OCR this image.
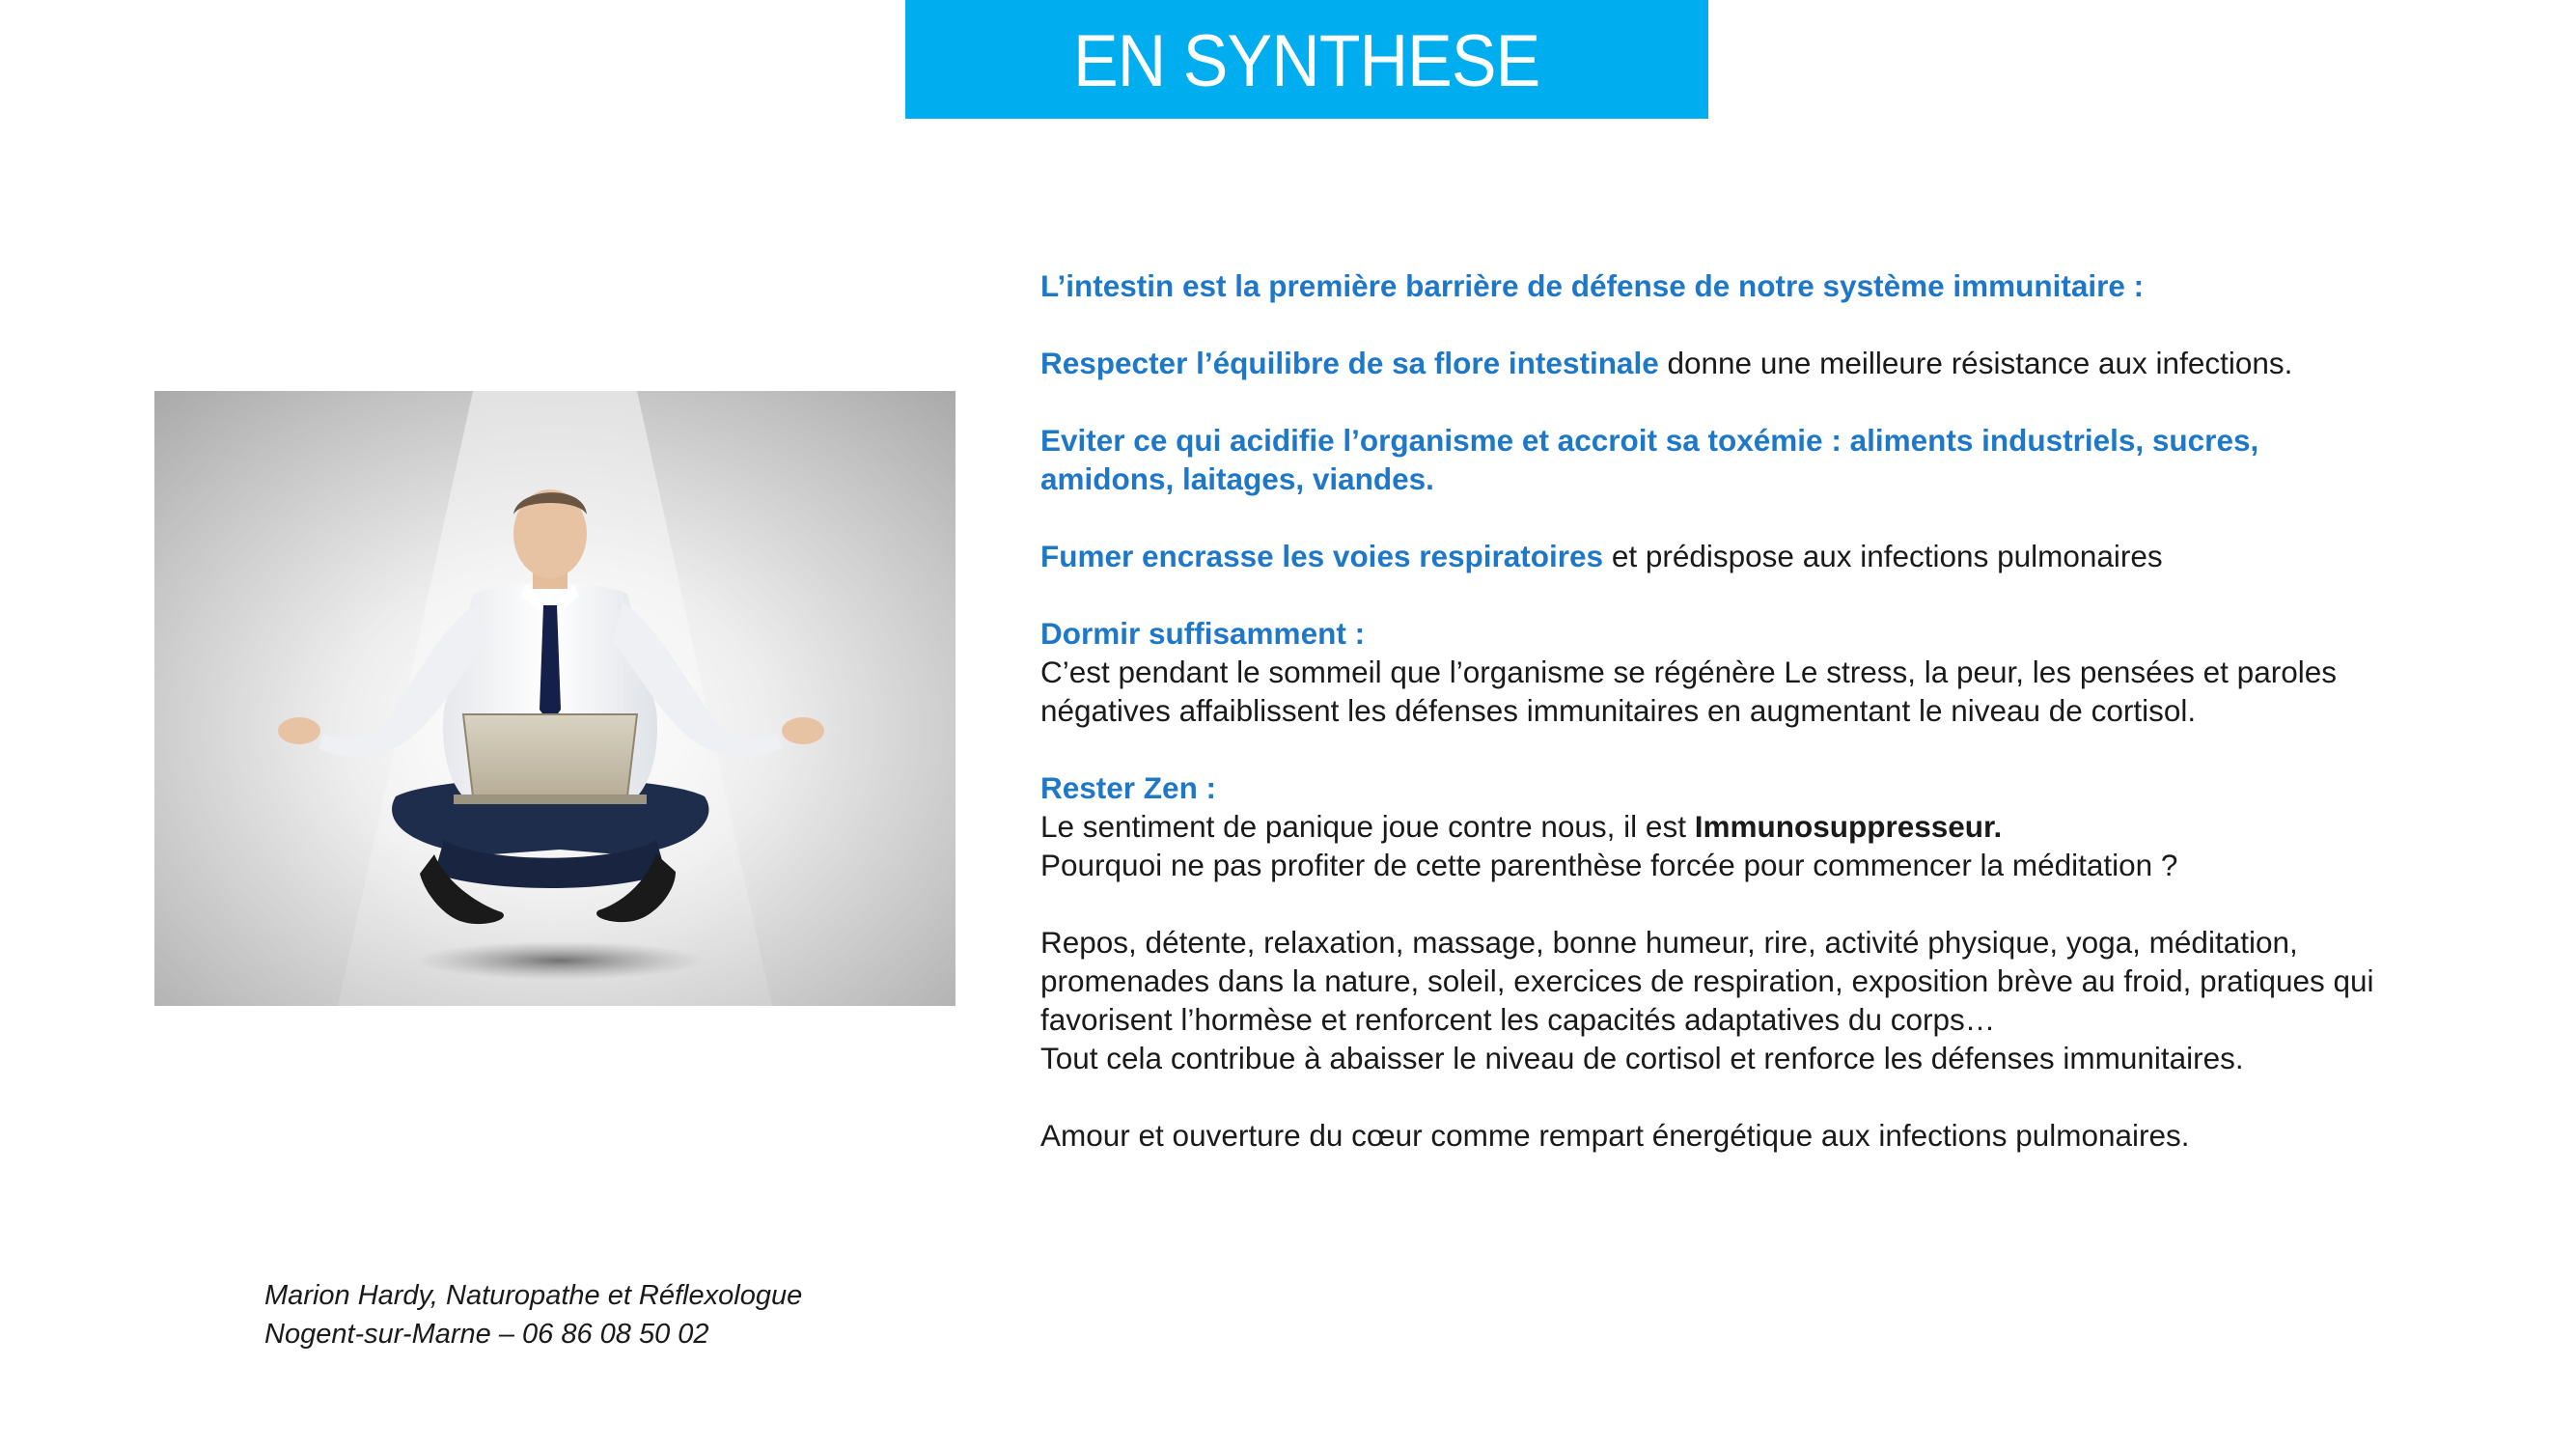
EN SYNTHESE

L’intestin est la première barrière de défense de notre système immunitaire :

Respecter l’équilibre de sa flore intestinale donne une meilleure résistance aux infections.

Eviter ce qui acidifie l’organisme et accroit sa toxémie : aliments industriels, sucres, amidons, laitages, viandes.

Fumer encrasse les voies respiratoires et prédispose aux infections pulmonaires

Dormir suffisamment :
C’est pendant le sommeil que l’organisme se régénère Le stress, la peur, les pensées et paroles négatives affaiblissent les défenses immunitaires en augmentant le niveau de cortisol.

Rester Zen :
Le sentiment de panique joue contre nous, il est Immunosuppresseur.
Pourquoi ne pas profiter de cette parenthèse forcée pour commencer la méditation ?

Repos, détente, relaxation, massage, bonne humeur, rire, activité physique, yoga, méditation, promenades dans la nature, soleil, exercices de respiration, exposition brève au froid, pratiques qui favorisent l’hormèse et renforcent les capacités adaptatives du corps…
Tout cela contribue à abaisser le niveau de cortisol et renforce les défenses immunitaires.

Amour et ouverture du cœur comme rempart énergétique aux infections pulmonaires.

Marion Hardy, Naturopathe et Réflexologue
Nogent-sur-Marne – 06 86 08 50 02
